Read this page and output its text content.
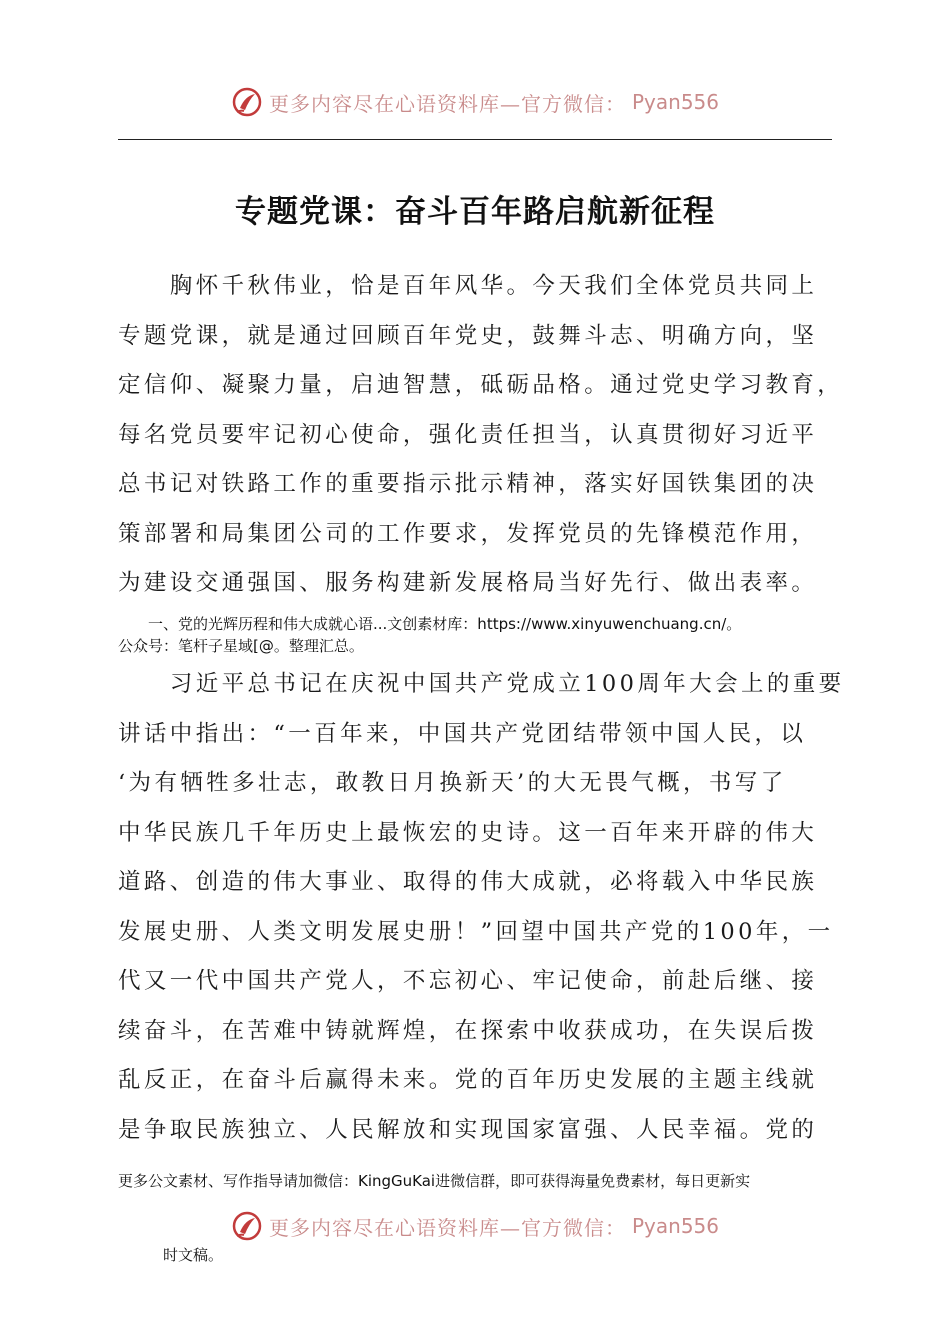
更多内容尽在心语资料库—官方微信： Pyan556
专题党课：奋斗百年路启航新征程
　　胸怀千秋伟业，恰是百年风华。今天我们全体党员共同上
专题党课，就是通过回顾百年党史，鼓舞斗志、明确方向，坚
定信仰、凝聚力量，启迪智慧，砥砺品格。通过党史学习教育，
每名党员要牢记初心使命，强化责任担当，认真贯彻好习近平
总书记对铁路工作的重要指示批示精神，落实好国铁集团的决
策部署和局集团公司的工作要求，发挥党员的先锋模范作用，
为建设交通强国、服务构建新发展格局当好先行、做出表率。
　　一、党的光辉历程和伟大成就心语...文创素材库：https://www.xinyuwenchuang.cn/。
公众号：笔杆子星域[@。整理汇总。
　　习近平总书记在庆祝中国共产党成立100周年大会上的重要
讲话中指出：“一百年来，中国共产党团结带领中国人民，以
‘为有牺牲多壮志，敢教日月换新天’的大无畏气概，书写了
中华民族几千年历史上最恢宏的史诗。这一百年来开辟的伟大
道路、创造的伟大事业、取得的伟大成就，必将载入中华民族
发展史册、人类文明发展史册！”回望中国共产党的100年，一
代又一代中国共产党人，不忘初心、牢记使命，前赴后继、接
续奋斗，在苦难中铸就辉煌，在探索中收获成功，在失误后拨
乱反正，在奋斗后赢得未来。党的百年历史发展的主题主线就
是争取民族独立、人民解放和实现国家富强、人民幸福。党的
更多公文素材、写作指导请加微信：KingGuKai进微信群，即可获得海量免费素材，每日更新实
更多内容尽在心语资料库—官方微信： Pyan556
时文稿。
